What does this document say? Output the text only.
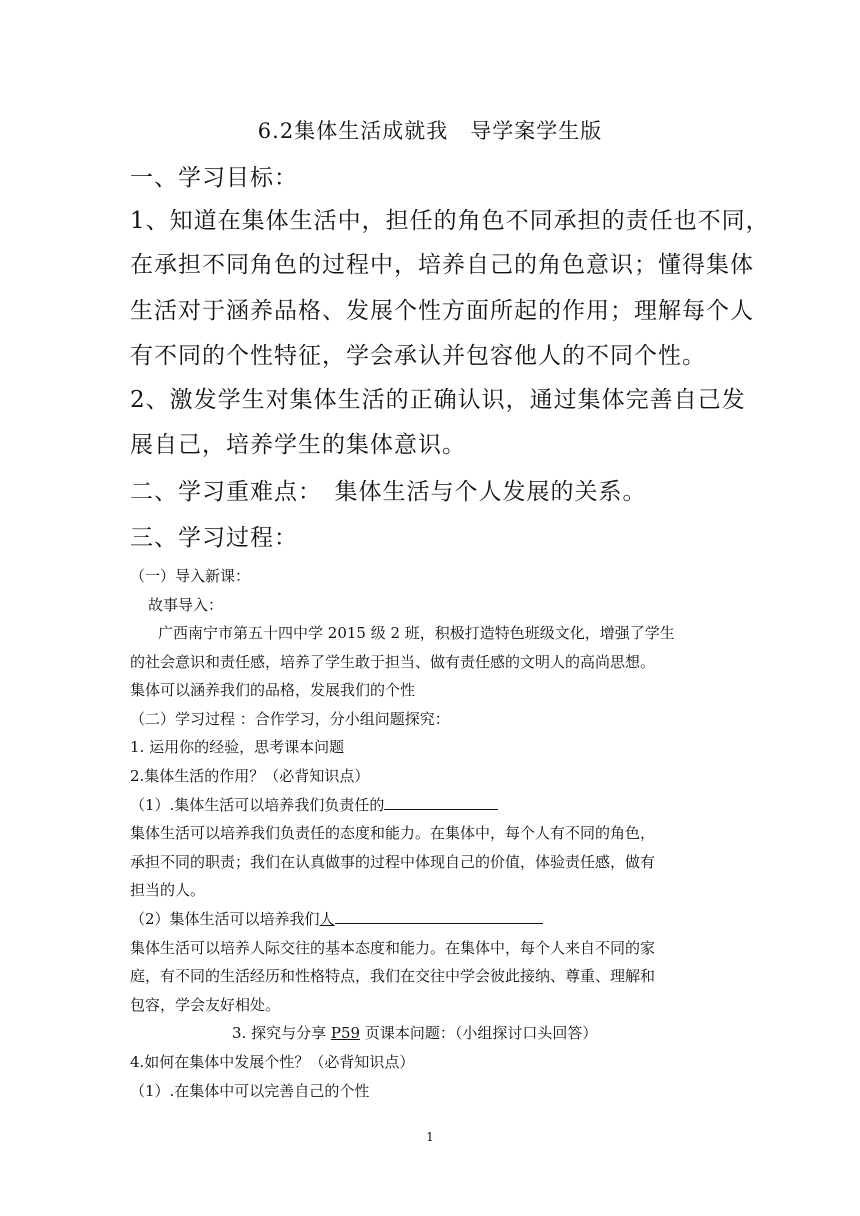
6.2集体生活成就我　导学案学生版
一、学习目标：
1、知道在集体生活中，担任的角色不同承担的责任也不同，
在承担不同角色的过程中，培养自己的角色意识；懂得集体
生活对于涵养品格、发展个性方面所起的作用；理解每个人
有不同的个性特征，学会承认并包容他人的不同个性。
2、激发学生对集体生活的正确认识，通过集体完善自己发
展自己，培养学生的集体意识。
二、学习重难点：　集体生活与个人发展的关系。
三、学习过程：
（一）导入新课：
故事导入：
广西南宁市第五十四中学 2015 级 2 班，积极打造特色班级文化，增强了学生
的社会意识和责任感，培养了学生敢于担当、做有责任感的文明人的高尚思想。
集体可以涵养我们的品格，发展我们的个性
（二）学习过程 ：合作学习，分小组问题探究：
1. 运用你的经验，思考课本问题
2.集体生活的作用？（必背知识点）
（1）.集体生活可以培养我们负责任的
集体生活可以培养我们负责任的态度和能力。在集体中，每个人有不同的角色，
承担不同的职责；我们在认真做事的过程中体现自己的价值，体验责任感，做有
担当的人。
（2）集体生活可以培养我们人
集体生活可以培养人际交往的基本态度和能力。在集体中，每个人来自不同的家
庭，有不同的生活经历和性格特点，我们在交往中学会彼此接纳、尊重、理解和
包容，学会友好相处。
3. 探究与分享 P59 页课本问题：（小组探讨口头回答）
4.如何在集体中发展个性？（必背知识点）
（1）.在集体中可以完善自己的个性
1
